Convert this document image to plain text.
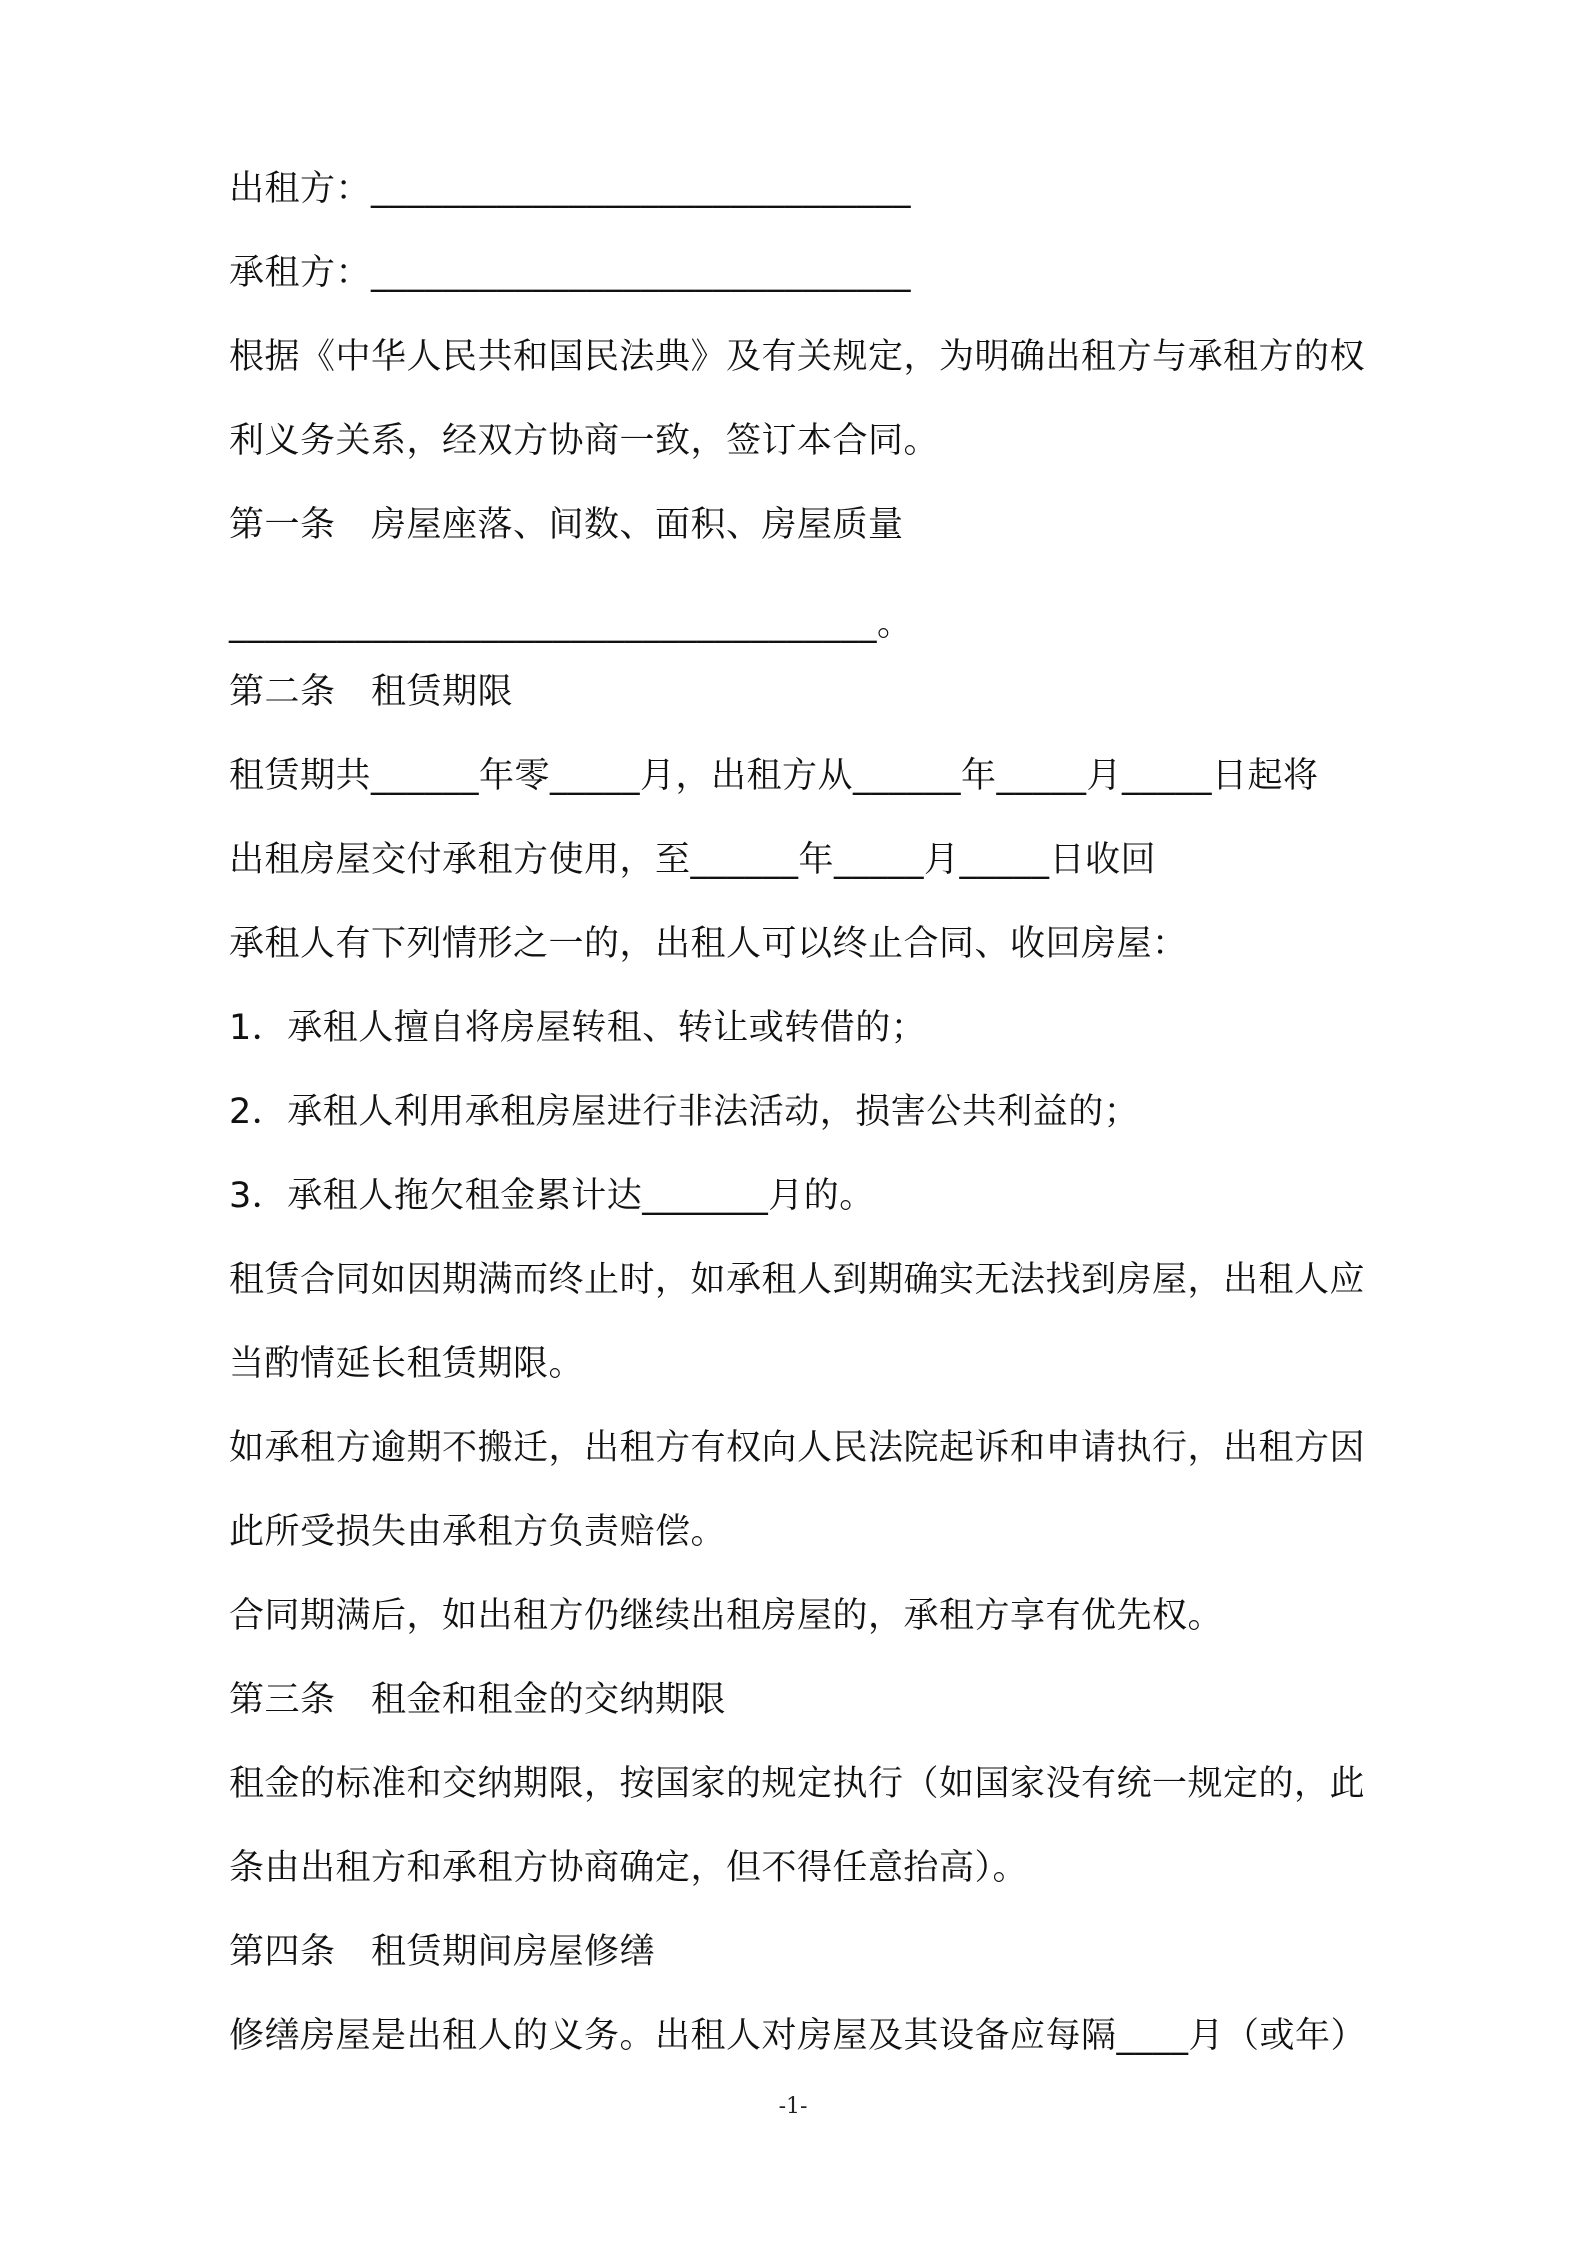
出租方：______________________________
承租方：______________________________
根据《中华人民共和国民法典》及有关规定，为明确出租方与承租方的权
利义务关系，经双方协商一致，签订本合同。
第一条　房屋座落、间数、面积、房屋质量
____________________________________。
第二条　租赁期限
租赁期共______年零_____月，出租方从______年_____月_____日起将
出租房屋交付承租方使用，至______年_____月_____日收回
承租人有下列情形之一的，出租人可以终止合同、收回房屋：
1．承租人擅自将房屋转租、转让或转借的；
2．承租人利用承租房屋进行非法活动，损害公共利益的；
3．承租人拖欠租金累计达_______月的。
租赁合同如因期满而终止时，如承租人到期确实无法找到房屋，出租人应
当酌情延长租赁期限。
如承租方逾期不搬迁，出租方有权向人民法院起诉和申请执行，出租方因
此所受损失由承租方负责赔偿。
合同期满后，如出租方仍继续出租房屋的，承租方享有优先权。
第三条　租金和租金的交纳期限
租金的标准和交纳期限，按国家的规定执行（如国家没有统一规定的，此
条由出租方和承租方协商确定，但不得任意抬高）。
第四条　租赁期间房屋修缮
修缮房屋是出租人的义务。出租人对房屋及其设备应每隔____月（或年）
-1-
